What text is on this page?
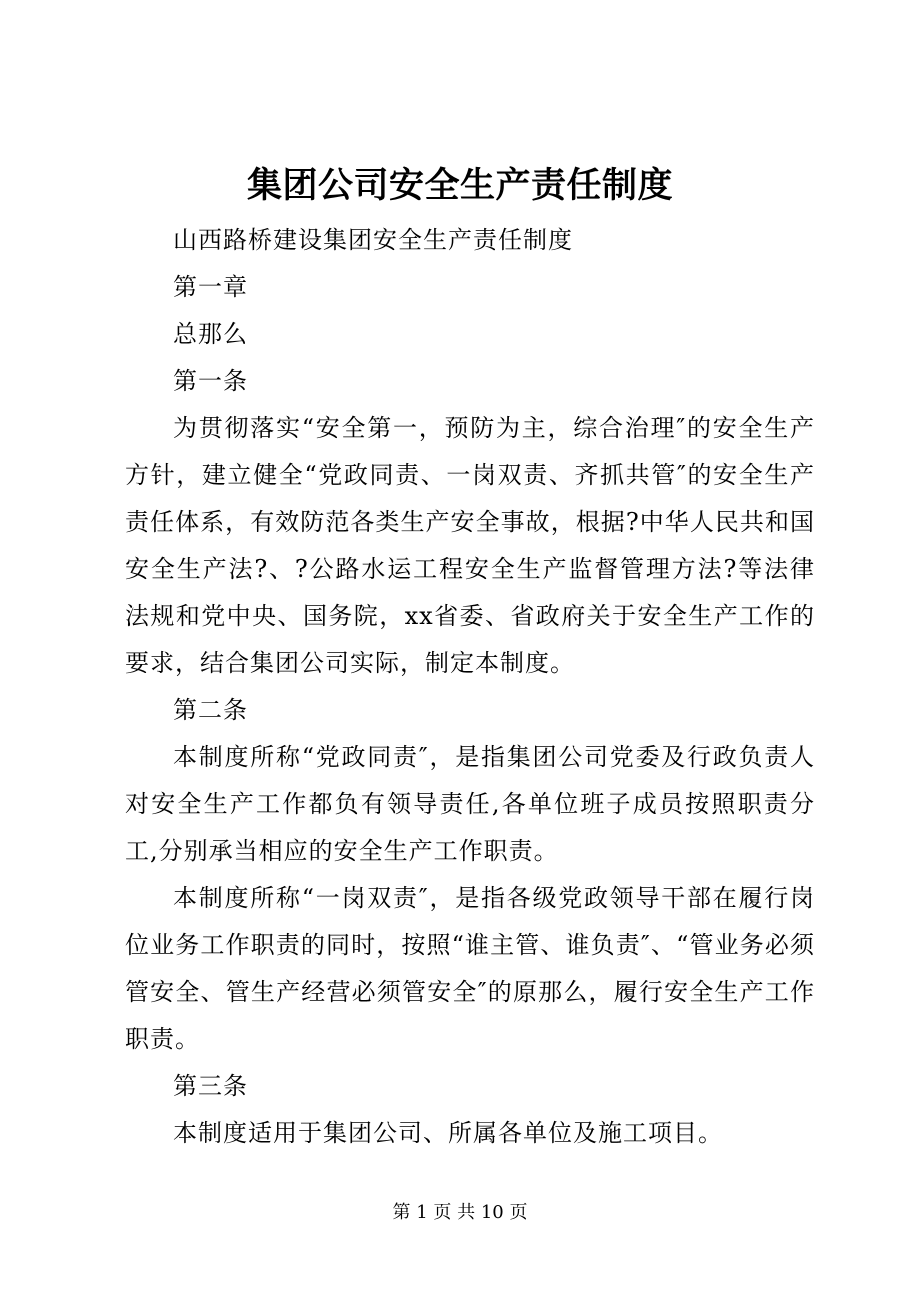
集团公司安全生产责任制度

山西路桥建设集团安全生产责任制度

第一章

总那么

第一条

为贯彻落实“安全第一，预防为主，综合治理″的安全生产方针，建立健全“党政同责、一岗双责、齐抓共管″的安全生产责任体系，有效防范各类生产安全事故，根据?中华人民共和国安全生产法?、?公路水运工程安全生产监督管理方法?等法律法规和党中央、国务院，xx省委、省政府关于安全生产工作的要求，结合集团公司实际，制定本制度。

第二条

本制度所称“党政同责″，是指集团公司党委及行政负责人对安全生产工作都负有领导责任,各单位班子成员按照职责分工,分别承当相应的安全生产工作职责。

本制度所称“一岗双责″，是指各级党政领导干部在履行岗位业务工作职责的同时，按照“谁主管、谁负责″、“管业务必须管安全、管生产经营必须管安全″的原那么，履行安全生产工作职责。

第三条

本制度适用于集团公司、所属各单位及施工项目。

第 1 页 共 10 页
